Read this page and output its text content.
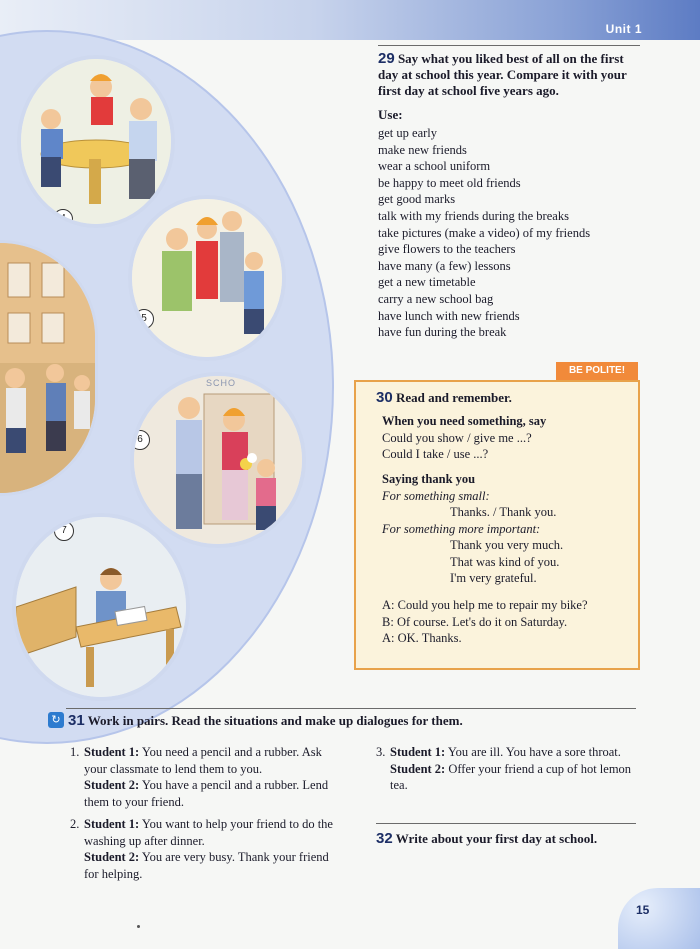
Unit 1
4
5
SCHO
6
7
29 Say what you liked best of all on the first day at school this year. Compare it with your first day at school five years ago.
Use:
get up early
make new friends
wear a school uniform
be happy to meet old friends
get good marks
talk with my friends during the breaks
take pictures (make a video) of my friends
give flowers to the teachers
have many (a few) lessons
get a new timetable
carry a new school bag
have lunch with new friends
have fun during the break
BE POLITE!
30 Read and remember.
When you need something, say
Could you show / give me ...?
Could I take / use ...?
Saying thank you
For something small:
Thanks. / Thank you.
For something more important:
Thank you very much.
That was kind of you.
I'm very grateful.
A: Could you help me to repair my bike?
B: Of course. Let's do it on Saturday.
A: OK. Thanks.
↻ 31 Work in pairs. Read the situations and make up dialogues for them.
1. Student 1: You need a pencil and a rubber. Ask your classmate to lend them to you.
Student 2: You have a pencil and a rubber. Lend them to your friend.
2. Student 1: You want to help your friend to do the washing up after dinner.
Student 2: You are very busy. Thank your friend for helping.
3. Student 1: You are ill. You have a sore throat.
Student 2: Offer your friend a cup of hot lemon tea.
32 Write about your first day at school.
15
